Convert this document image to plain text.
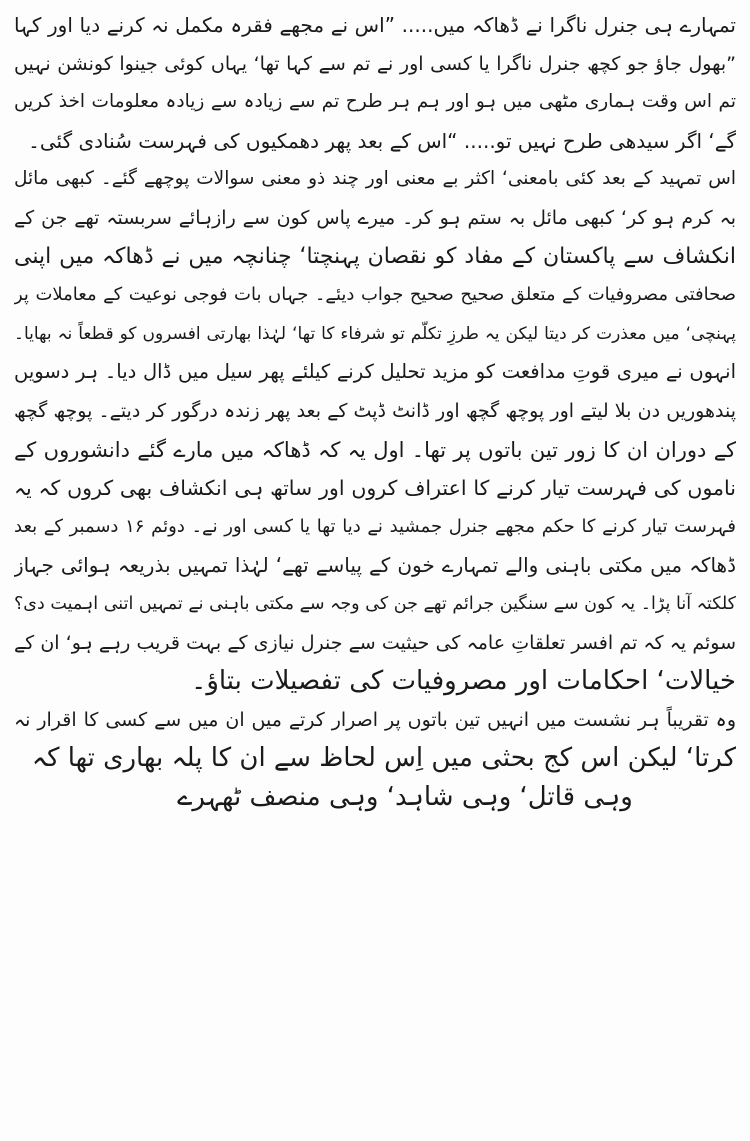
تمہارے ہی جنرل ناگرا نے ڈھاکہ میں..... ”اس نے مجھے فقرہ مکمل نہ کرنے دیا اور کہا
”بھول جاؤ جو کچھ جنرل ناگرا یا کسی اور نے تم سے کہا تھا‘ یہاں کوئی جینوا کونشن نہیں
تم اس وقت ہماری مٹھی میں ہو اور ہم ہر طرح تم سے زیادہ سے زیادہ معلومات اخذ کریں
گے‘ اگر سیدھی طرح نہیں تو..... “اس کے بعد پھر دھمکیوں کی فہرست سُنادی گئی۔
اس تمہید کے بعد کئی بامعنی‘ اکثر بے معنی اور چند ذو معنی سوالات پوچھے گئے۔ کبھی مائل
بہ کرم ہو کر‘ کبھی مائل بہ ستم ہو کر۔ میرے پاس کون سے رازہائے سربستہ تھے جن کے
انکشاف سے پاکستان کے مفاد کو نقصان پہنچتا‘ چنانچہ میں نے ڈھاکہ میں اپنی
صحافتی مصروفیات کے متعلق صحیح صحیح جواب دیئے۔ جہاں بات فوجی نوعیت کے معاملات پر
پہنچی‘ میں معذرت کر دیتا لیکن یہ طرزِ تکلّم تو شرفاء کا تھا‘ لہٰذا بھارتی افسروں کو قطعاً نہ بھایا۔
انہوں نے میری قوتِ مدافعت کو مزید تحلیل کرنے کیلئے پھر سیل میں ڈال دیا۔ ہر دسویں
پندھوریں دن بلا لیتے اور پوچھ گچھ اور ڈانٹ ڈپٹ کے بعد پھر زندہ درگور کر دیتے۔ پوچھ گچھ
کے دوران ان کا زور تین باتوں پر تھا۔ اول یہ کہ ڈھاکہ میں مارے گئے دانشوروں کے
ناموں کی فہرست تیار کرنے کا اعتراف کروں اور ساتھ ہی انکشاف بھی کروں کہ یہ
فہرست تیار کرنے کا حکم مجھے جنرل جمشید نے دیا تھا یا کسی اور نے۔ دوئم ۱۶ دسمبر کے بعد
ڈھاکہ میں مکتی باہنی والے تمہارے خون کے پیاسے تھے‘ لہٰذا تمہیں بذریعہ ہوائی جہاز
کلکتہ آنا پڑا۔ یہ کون سے سنگین جرائم تھے جن کی وجہ سے مکتی باہنی نے تمہیں اتنی اہمیت دی؟
سوئم یہ کہ تم افسر تعلقاتِ عامہ کی حیثیت سے جنرل نیازی کے بہت قریب رہے ہو‘ ان کے
خیالات‘ احکامات اور مصروفیات کی تفصیلات بتاؤ۔
وہ تقریباً ہر نشست میں انہیں تین باتوں پر اصرار کرتے میں ان میں سے کسی کا اقرار نہ
کرتا‘ لیکن اس کج بحثی میں اِس لحاظ سے ان کا پلہ بھاری تھا کہ
وہی قاتل‘ وہی شاہد‘ وہی منصف ٹھہرے
